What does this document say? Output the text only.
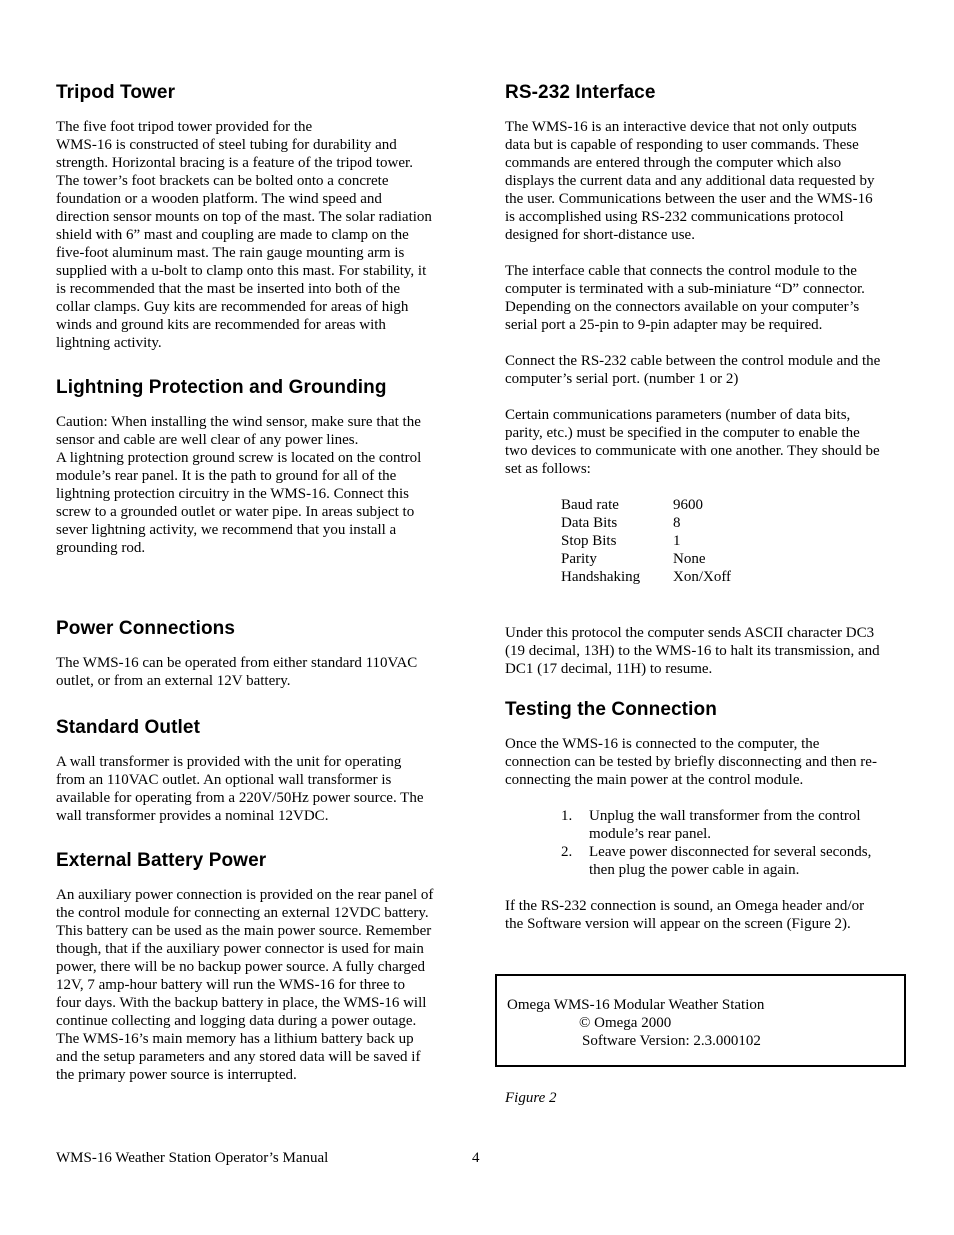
Tripod Tower

The five foot tripod tower provided for the

WMS-16 is constructed of steel tubing for durability and

strength. Horizontal bracing is a feature of the tripod tower.

The tower’s foot brackets can be bolted onto a concrete

foundation or a wooden platform. The wind speed and

direction sensor mounts on top of the mast. The solar radiation

shield with 6” mast and coupling are made to clamp on the

five-foot aluminum mast. The rain gauge mounting arm is

supplied with a u-bolt to clamp onto this mast. For stability, it

is recommended that the mast be inserted into both of the

collar clamps. Guy kits are recommended for areas of high

winds and ground kits are recommended for areas with

lightning activity.

Lightning Protection and Grounding

Caution: When installing the wind sensor, make sure that the

sensor and cable are well clear of any power lines.

A lightning protection ground screw is located on the control

module’s rear panel. It is the path to ground for all of the

lightning protection circuitry in the WMS-16. Connect this

screw to a grounded outlet or water pipe. In areas subject to

sever lightning activity, we recommend that you install a

grounding rod.

Power Connections

The WMS-16 can be operated from either standard 110VAC

outlet, or from an external 12V battery.

Standard Outlet

A wall transformer is provided with the unit for operating

from an 110VAC outlet. An optional wall transformer is

available for operating from a 220V/50Hz power source. The

wall transformer provides a nominal 12VDC.

External Battery Power

An auxiliary power connection is provided on the rear panel of

the control module for connecting an external 12VDC battery.

This battery can be used as the main power source. Remember

though, that if the auxiliary power connector is used for main

power, there will be no backup power source. A fully charged

12V, 7 amp-hour battery will run the WMS-16 for three to

four days. With the backup battery in place, the WMS-16 will

continue collecting and logging data during a power outage.

The WMS-16’s main memory has a lithium battery back up

and the setup parameters and any stored data will be saved if

the primary power source is interrupted.

RS-232 Interface

The WMS-16 is an interactive device that not only outputs

data but is capable of responding to user commands. These

commands are entered through the computer which also

displays the current data and any additional data requested by

the user. Communications between the user and the WMS-16

is accomplished using RS-232 communications protocol

designed for short-distance use.

The interface cable that connects the control module to the

computer is terminated with a sub-miniature “D” connector.

Depending on the connectors available on your computer’s

serial port a 25-pin to 9-pin adapter may be required.

Connect the RS-232 cable between the control module and the

computer’s serial port. (number 1 or 2)

Certain communications parameters (number of data bits,

parity, etc.) must be specified in the computer to enable the

two devices to communicate with one another. They should be

set as follows:

Baud rate	9600
Data Bits	8
Stop Bits	1
Parity	None
Handshaking	Xon/Xoff

Under this protocol the computer sends ASCII character DC3

(19 decimal, 13H) to the WMS-16 to halt its transmission, and

DC1 (17 decimal, 11H) to resume.

Testing the Connection

Once the WMS-16 is connected to the computer, the

connection can be tested by briefly disconnecting and then re-

connecting the main power at the control module.

1. Unplug the wall transformer from the control
module’s rear panel.
2. Leave power disconnected for several seconds,
then plug the power cable in again.

If the RS-232 connection is sound, an Omega header and/or

the Software version will appear on the screen (Figure 2).

Omega WMS-16 Modular Weather Station

© Omega 2000

Software Version: 2.3.000102

Figure 2

WMS-16 Weather Station Operator’s Manual	4
